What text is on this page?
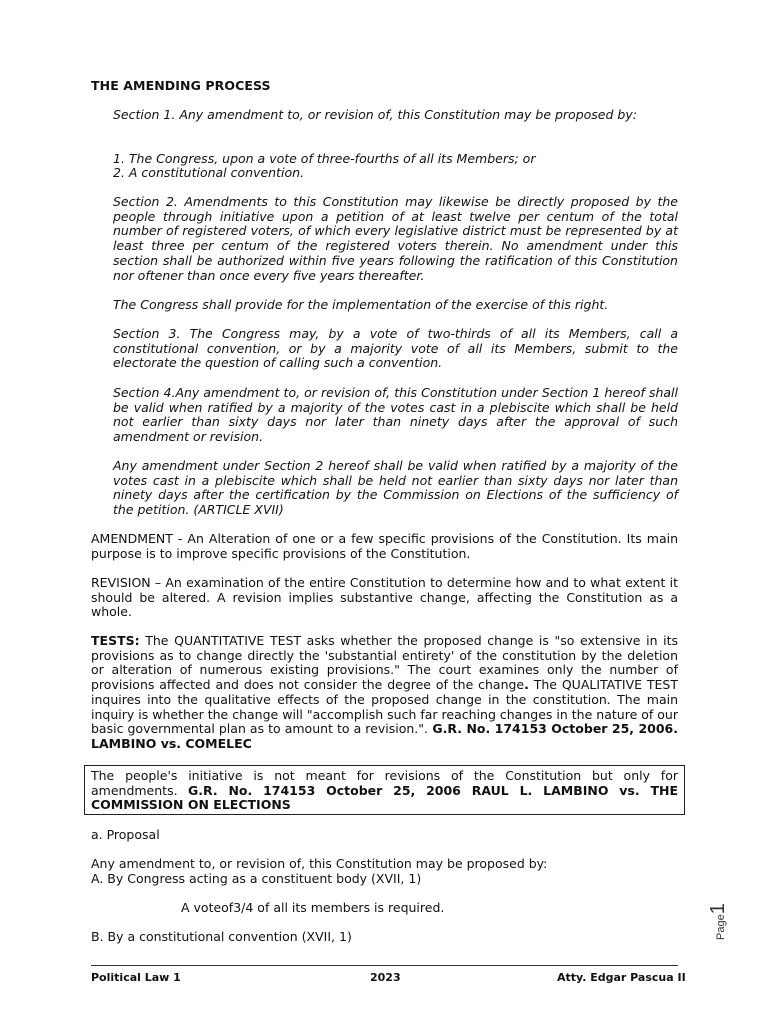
THE AMENDING PROCESS

Section 1. Any amendment to, or revision of, this Constitution may be proposed by:

1. The Congress, upon a vote of three-fourths of all its Members; or

2. A constitutional convention.

Section 2. Amendments to this Constitution may likewise be directly proposed by the people through initiative upon a petition of at least twelve per centum of the total number of registered voters, of which every legislative district must be represented by at least three per centum of the registered voters therein. No amendment under this section shall be authorized within five years following the ratification of this Constitution nor oftener than once every five years thereafter.

The Congress shall provide for the implementation of the exercise of this right.

Section 3. The Congress may, by a vote of two-thirds of all its Members, call a constitutional convention, or by a majority vote of all its Members, submit to the electorate the question of calling such a convention.

Section 4.Any amendment to, or revision of, this Constitution under Section 1 hereof shall be valid when ratified by a majority of the votes cast in a plebiscite which shall be held not earlier than sixty days nor later than ninety days after the approval of such amendment or revision.

Any amendment under Section 2 hereof shall be valid when ratified by a majority of the votes cast in a plebiscite which shall be held not earlier than sixty days nor later than ninety days after the certification by the Commission on Elections of the sufficiency of the petition. (ARTICLE XVII)

AMENDMENT - An Alteration of one or a few specific provisions of the Constitution. Its main purpose is to improve specific provisions of the Constitution.

REVISION – An examination of the entire Constitution to determine how and to what extent it should be altered. A revision implies substantive change, affecting the Constitution as a whole.

TESTS: The QUANTITATIVE TEST asks whether the proposed change is "so extensive in its provisions as to change directly the 'substantial entirety' of the constitution by the deletion or alteration of numerous existing provisions." The court examines only the number of provisions affected and does not consider the degree of the change. The QUALITATIVE TEST inquires into the qualitative effects of the proposed change in the constitution. The main inquiry is whether the change will "accomplish such far reaching changes in the nature of our basic governmental plan as to amount to a revision.". G.R. No. 174153 October 25, 2006. LAMBINO vs. COMELEC

The people's initiative is not meant for revisions of the Constitution but only for amendments. G.R. No. 174153 October 25, 2006 RAUL L. LAMBINO vs. THE COMMISSION ON ELECTIONS

a. Proposal

Any amendment to, or revision of, this Constitution may be proposed by:

A. By Congress acting as a constituent body (XVII, 1)

A voteof3/4 of all its members is required.

B. By a constitutional convention (XVII, 1)	Page1
Political Law 1	2023	Atty. Edgar Pascua II
